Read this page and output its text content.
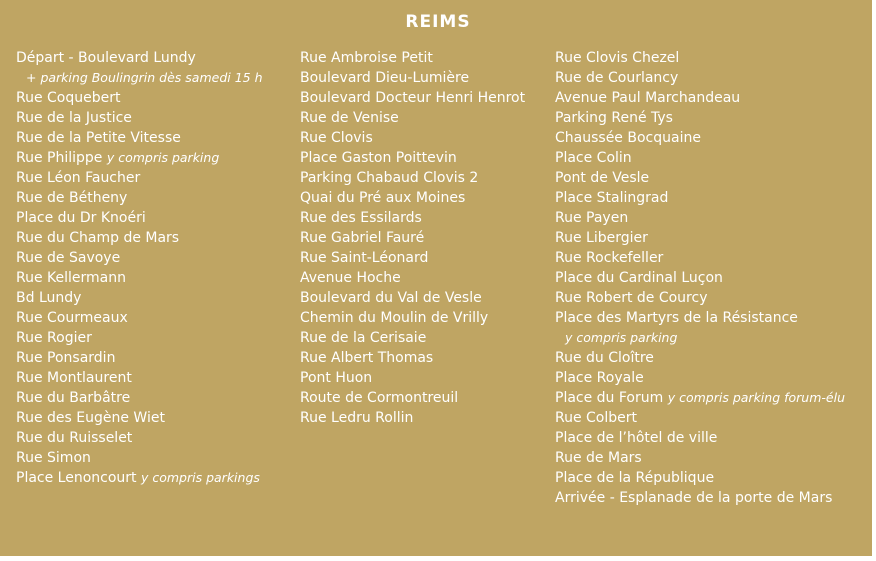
REIMS
Départ - Boulevard Lundy
+ parking Boulingrin dès samedi 15 h
Rue Coquebert
Rue de la Justice
Rue de la Petite Vitesse
Rue Philippe y compris parking
Rue Léon Faucher
Rue de Bétheny
Place du Dr Knoéri
Rue du Champ de Mars
Rue de Savoye
Rue Kellermann
Bd Lundy
Rue Courmeaux
Rue Rogier
Rue Ponsardin
Rue Montlaurent
Rue du Barbâtre
Rue des Eugène Wiet
Rue du Ruisselet
Rue Simon
Place Lenoncourt y compris parkings
Rue Ambroise Petit
Boulevard Dieu-Lumière
Boulevard Docteur Henri Henrot
Rue de Venise
Rue Clovis
Place Gaston Poittevin
Parking Chabaud Clovis 2
Quai du Pré aux Moines
Rue des Essilards
Rue Gabriel Fauré
Rue Saint-Léonard
Avenue Hoche
Boulevard du Val de Vesle
Chemin du Moulin de Vrilly
Rue de la Cerisaie
Rue Albert Thomas
Pont Huon
Route de Cormontreuil
Rue Ledru Rollin
Rue Clovis Chezel
Rue de Courlancy
Avenue Paul Marchandeau
Parking René Tys
Chaussée Bocquaine
Place Colin
Pont de Vesle
Place Stalingrad
Rue Payen
Rue Libergier
Rue Rockefeller
Place du Cardinal Luçon
Rue Robert de Courcy
Place des Martyrs de la Résistance
y compris parking
Rue du Cloître
Place Royale
Place du Forum y compris parking forum-élu
Rue Colbert
Place de l’hôtel de ville
Rue de Mars
Place de la République
Arrivée - Esplanade de la porte de Mars
